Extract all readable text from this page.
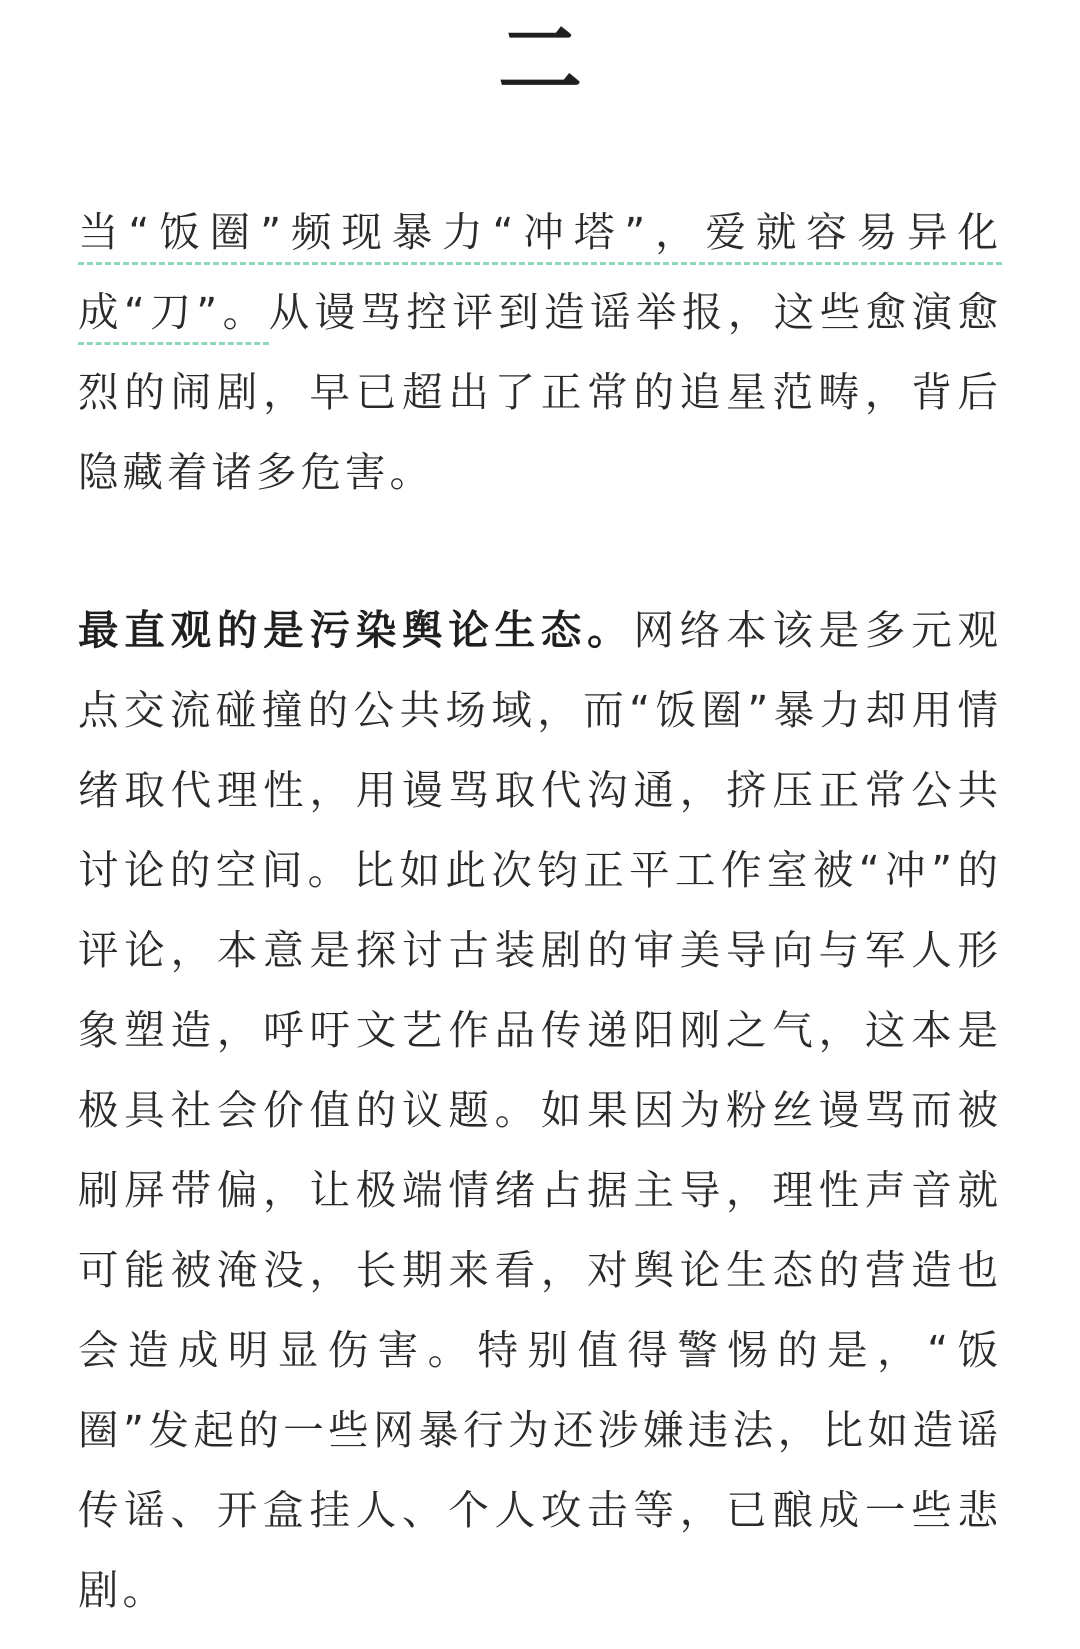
二

当“饭圈”频现暴力“冲塔”，爱就容易异化成“刀”。从谩骂控评到造谣举报，这些愈演愈烈的闹剧，早已超出了正常的追星范畴，背后隐藏着诸多危害。

最直观的是污染舆论生态。网络本该是多元观点交流碰撞的公共场域，而“饭圈”暴力却用情绪取代理性，用谩骂取代沟通，挤压正常公共讨论的空间。比如此次钧正平工作室被“冲”的评论，本意是探讨古装剧的审美导向与军人形象塑造，呼吁文艺作品传递阳刚之气，这本是极具社会价值的议题。如果因为粉丝谩骂而被刷屏带偏，让极端情绪占据主导，理性声音就可能被淹没，长期来看，对舆论生态的营造也会造成明显伤害。特别值得警惕的是，“饭圈”发起的一些网暴行为还涉嫌违法，比如造谣传谣、开盒挂人、个人攻击等，已酿成一些悲剧。
